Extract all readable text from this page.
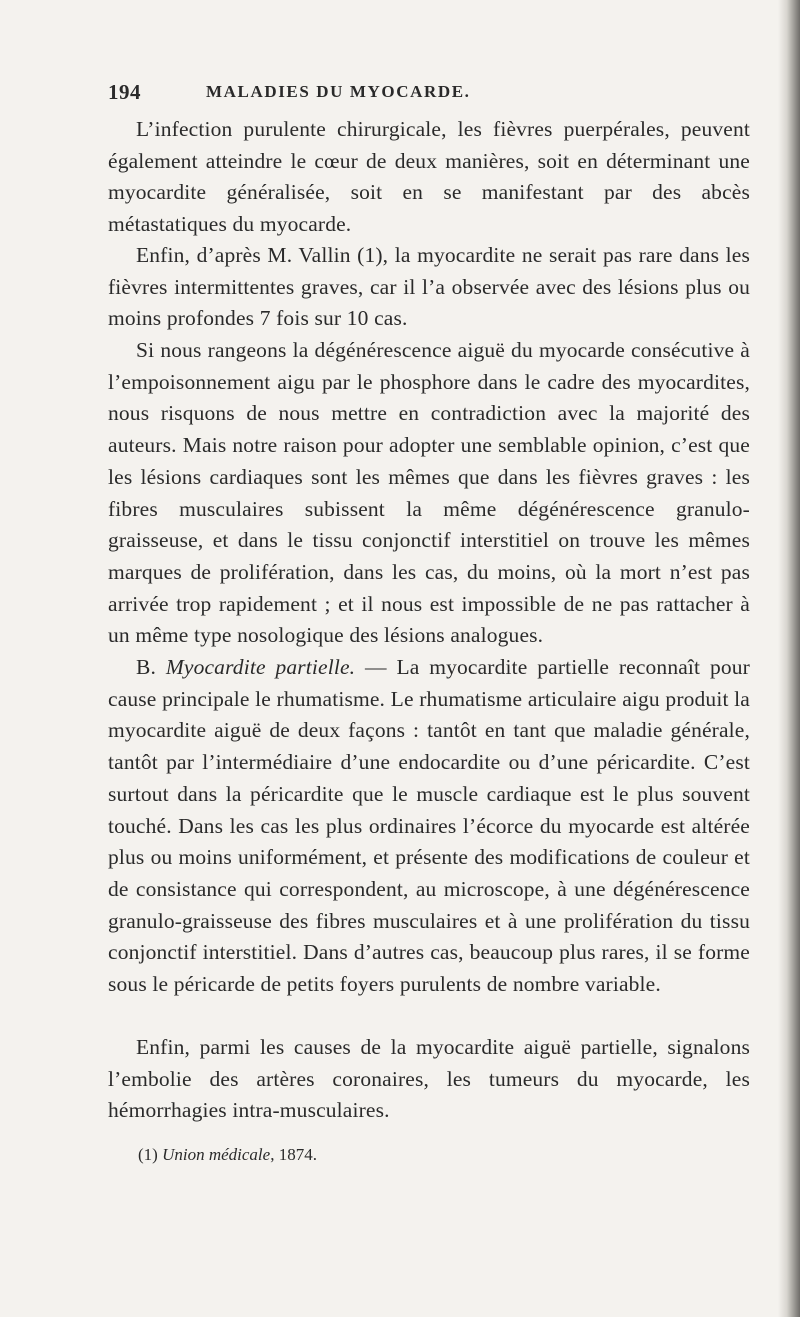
194	MALADIES DU MYOCARDE.

L’infection purulente chirurgicale, les fièvres puerpérales, peuvent également atteindre le cœur de deux manières, soit en déterminant une myocardite généralisée, soit en se manifestant par des abcès métastatiques du myocarde.

Enfin, d’après M. Vallin (1), la myocardite ne serait pas rare dans les fièvres intermittentes graves, car il l’a observée avec des lésions plus ou moins profondes 7 fois sur 10 cas.

Si nous rangeons la dégénérescence aiguë du myocarde consécutive à l’empoisonnement aigu par le phosphore dans le cadre des myocardites, nous risquons de nous mettre en contradiction avec la majorité des auteurs. Mais notre raison pour adopter une semblable opinion, c’est que les lésions cardiaques sont les mêmes que dans les fièvres graves : les fibres musculaires subissent la même dégénérescence granulo-graisseuse, et dans le tissu conjonctif interstitiel on trouve les mêmes marques de prolifération, dans les cas, du moins, où la mort n’est pas arrivée trop rapidement ; et il nous est impossible de ne pas rattacher à un même type nosologique des lésions analogues.

B. Myocardite partielle. — La myocardite partielle reconnaît pour cause principale le rhumatisme. Le rhumatisme articulaire aigu produit la myocardite aiguë de deux façons : tantôt en tant que maladie générale, tantôt par l’intermédiaire d’une endocardite ou d’une péricardite. C’est surtout dans la péricardite que le muscle cardiaque est le plus souvent touché. Dans les cas les plus ordinaires l’écorce du myocarde est altérée plus ou moins uniformément, et présente des modifications de couleur et de consistance qui correspondent, au microscope, à une dégénérescence granulo-graisseuse des fibres musculaires et à une prolifération du tissu conjonctif interstitiel. Dans d’autres cas, beaucoup plus rares, il se forme sous le péricarde de petits foyers purulents de nombre variable.

Enfin, parmi les causes de la myocardite aiguë partielle, signalons l’embolie des artères coronaires, les tumeurs du myocarde, les hémorrhagies intra-musculaires.

(1) Union médicale, 1874.
